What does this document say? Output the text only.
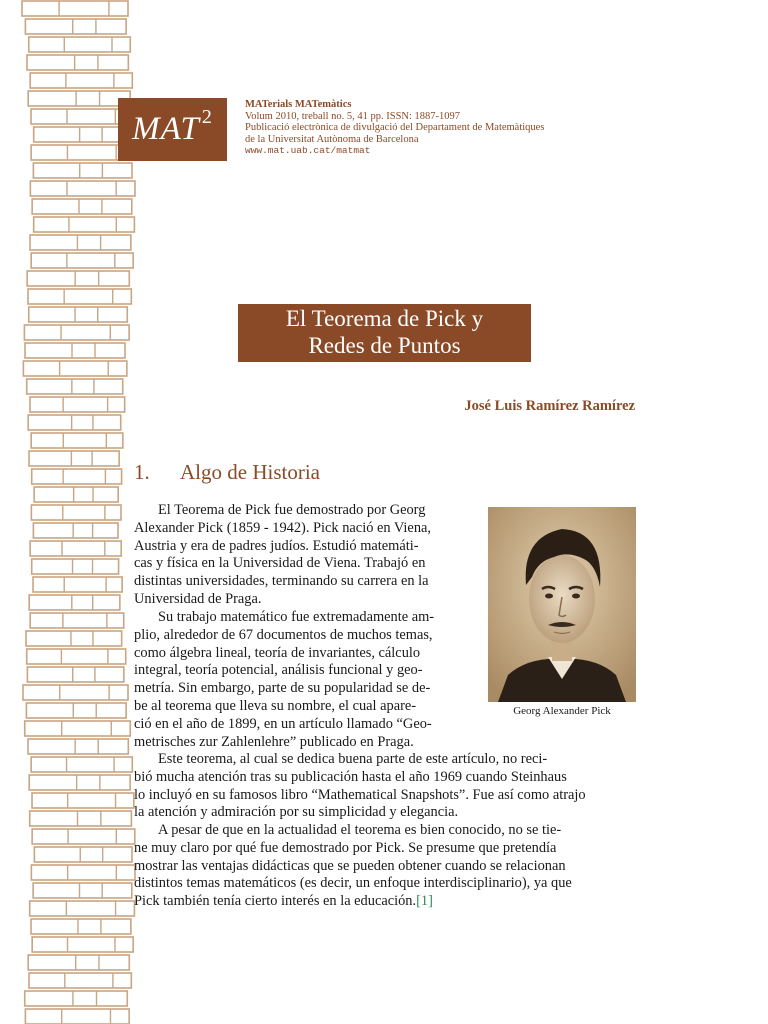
MAT 2
MATerials MATemàtics
Volum 2010, treball no. 5, 41 pp. ISSN: 1887-1097
Publicació electrònica de divulgació del Departament de Matemàtiques
de la Universitat Autònoma de Barcelona
www.mat.uab.cat/matmat
El Teorema de Pick y
Redes de Puntos
José Luis Ramírez Ramírez
1. Algo de Historia
Georg Alexander Pick
El Teorema de Pick fue demostrado por Georg
Alexander Pick (1859 - 1942). Pick nació en Viena,
Austria y era de padres judíos. Estudió matemáti-
cas y física en la Universidad de Viena. Trabajó en
distintas universidades, terminando su carrera en la
Universidad de Praga.
Su trabajo matemático fue extremadamente am-
plio, alrededor de 67 documentos de muchos temas,
como álgebra lineal, teoría de invariantes, cálculo
integral, teoría potencial, análisis funcional y geo-
metría. Sin embargo, parte de su popularidad se de-
be al teorema que lleva su nombre, el cual apare-
ció en el año de 1899, en un artículo llamado “Geo-
metrisches zur Zahlenlehre” publicado en Praga.
Este teorema, al cual se dedica buena parte de este artículo, no reci-
bió mucha atención tras su publicación hasta el año 1969 cuando Steinhaus
lo incluyó en su famosos libro “Mathematical Snapshots”. Fue así como atrajo
la atención y admiración por su simplicidad y elegancia.
A pesar de que en la actualidad el teorema es bien conocido, no se tie-
ne muy claro por qué fue demostrado por Pick. Se presume que pretendía
mostrar las ventajas didácticas que se pueden obtener cuando se relacionan
distintos temas matemáticos (es decir, un enfoque interdisciplinario), ya que
Pick también tenía cierto interés en la educación.[1]
